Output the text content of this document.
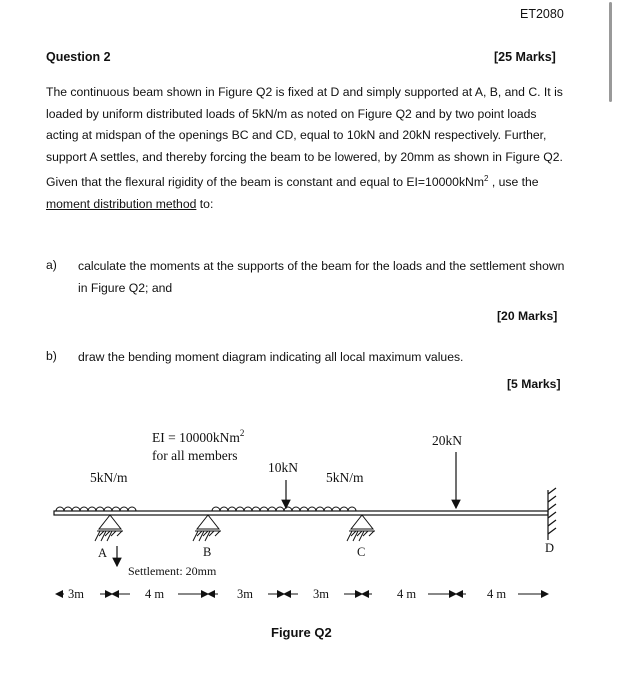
ET2080
Question 2	[25 Marks]
The continuous beam shown in Figure Q2 is fixed at D and simply supported at A, B, and C. It is loaded by uniform distributed loads of 5kN/m as noted on Figure Q2 and by two point loads acting at midspan of the openings BC and CD, equal to 10kN and 20kN respectively. Further, support A settles, and thereby forcing the beam to be lowered, by 20mm as shown in Figure Q2. Given that the flexural rigidity of the beam is constant and equal to EI=10000kNm$^2$ , use the moment distribution method to:
a) calculate the moments at the supports of the beam for the loads and the settlement shown in Figure Q2; and
[20 Marks]
b) draw the bending moment diagram indicating all local maximum values.
[5 Marks]
EI = 10000kNm$^2$
for all members
5kN/m
10kN
5kN/m
20kN
A	B	C	D
Settlement: 20mm
3m	4 m	3m	3m	4 m	4 m
Figure Q2
